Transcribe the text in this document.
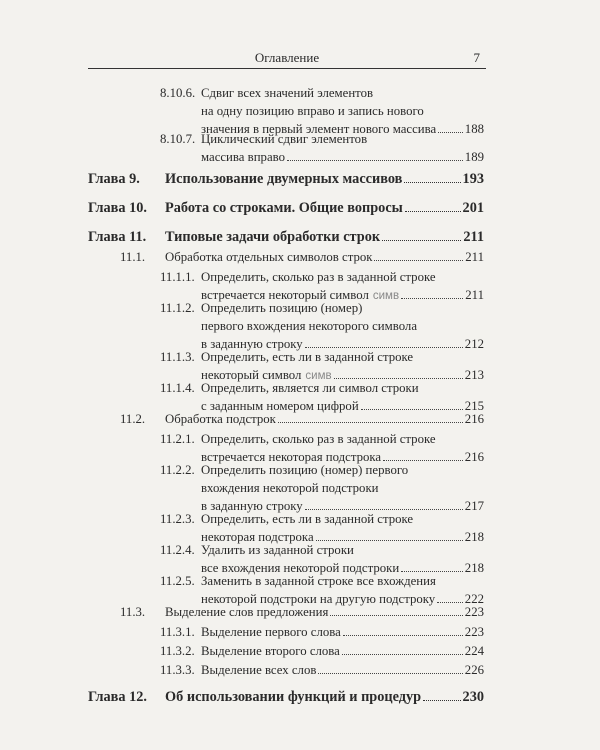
Оглавление	7
8.10.6. Сдвиг всех значений элементов
на одну позицию вправо и запись нового
значения в первый элемент нового массива 188
8.10.7. Циклический сдвиг элементов
массива вправо	189
Глава 9. Использование двумерных массивов	193
Глава 10. Работа со строками. Общие вопросы	201
Глава 11. Типовые задачи обработки строк	211
11.1. Обработка отдельных символов строк	211
11.1.1. Определить, сколько раз в заданной строке
встречается некоторый символ симв	211
11.1.2. Определить позицию (номер)
первого вхождения некоторого символа
в заданную строку	212
11.1.3. Определить, есть ли в заданной строке
некоторый символ симв	213
11.1.4. Определить, является ли символ строки
с заданным номером цифрой	215
11.2. Обработка подстрок	216
11.2.1. Определить, сколько раз в заданной строке
встречается некоторая подстрока	216
11.2.2. Определить позицию (номер) первого
вхождения некоторой подстроки
в заданную строку	217
11.2.3. Определить, есть ли в заданной строке
некоторая подстрока	218
11.2.4. Удалить из заданной строки
все вхождения некоторой подстроки	218
11.2.5. Заменить в заданной строке все вхождения
некоторой подстроки на другую подстроку 222
11.3. Выделение слов предложения	223
11.3.1. Выделение первого слова	223
11.3.2. Выделение второго слова	224
11.3.3. Выделение всех слов	226
Глава 12. Об использовании функций и процедур	230
